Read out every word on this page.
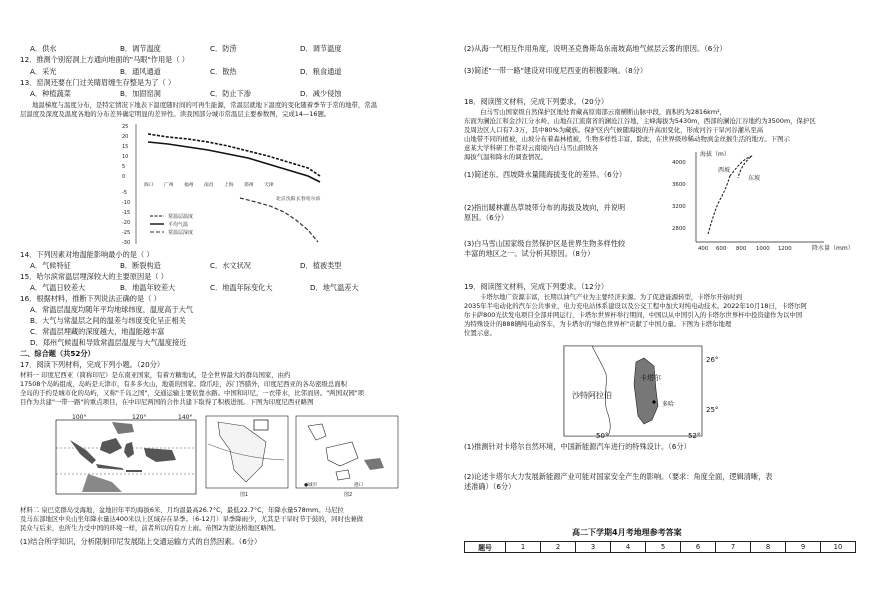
A．供水	B．调节温度	C．防涝	D．调节温度
12．推测个别窑洞上方通向地面的"马眼"作用是（ ）
A．采光	B．通风通道	C．散热	D．粮食通道
13．窑洞还要在门过关睛眉缠生存整是为了（ ）
A．种植蔬菜	B．加固窑洞	C．防止下渗	D．减少侵蚀
地温梯度与温度分布，是特定情况下地表下温度随时间的可再生能源，常温层就地下温度的变化随着季节于常的地带，常温
层温度及深度及温度各地的分布差异确定明显的差异性。读我国部分城市常温层主要参数图，完成14—16题。
25
20
15
10
5
0
-5
-10
-15
-20
-25
-30
海口 广州 福州 南昌 上海 郑州 天津
北京 沈阳 长春 哈尔滨
常温层温度
平均气温
常温层深度
14．下列因素对地温能影响最小的是（ ）
A．气候特征	B．断裂构造	C．水文状况	D．植被类型
15．哈尔滨常温层埋深较大的主要原因是（ ）
A．气温日较差大	B．地温年较差大	C．地温年际变化大	D．地气温差大
16．根据材料，推断下列说法正确的是（ ）
A．常温层温度均随年平均地球纬度，温度高于大气
B．大气与常温层之间的温差与纬度变化呈正相关
C．常温层埋藏的深度越大，地温能越丰富
D．郑州气候温和导致常温层温度与大气温度接近
二、综合题（共52分）
17．阅读下列材料，完成下列小题。（20分）
材料一 印度尼西亚（简称印尼）是东南亚国家，有着方糖地试，是全世界最大的群岛国家，由约
17508个岛屿组成，岛屿是天津市，有多多火山，地震的国家。除爪哇，苏门答腊外，印度尼西亚的各岛密级总面积
全岛的于约是城市化的岛屿，又称"千岛之国"，交通运输主要依靠水路。中国和印尼，一衣带水，比邻而居。"两国双园"项
目作为共建"一带一路"的重点项目，在中印尼两国的合作共建下取得了积极进展。下图为印度尼西亚略图
100°	120°	140°
图1
●城市	港口
图2
材料二 泉巴克群岛受海地，盆地旧年平均海拔6米，月均温最高26.7°C，最低22.7°C，年降水量578mm。马尼拉
及马东部地区中央山坐年降水量达400米以上区域存在旱季。（6-12月）旱季降雨少，尤其是干旱时节于鼓的，同时也兼做
民众与后来，也所生力受中国的环境一样，前者所以的有方上雨。帝图2为蒙达格地区略图。
(1)结合所学知识，分析限制印尼发展陆上交通运输方式的自然因素。（6分）
(2)从海一气相互作用角度，说明圣克鲁斯岛东南坡高地气候层云雾的原因。（6分）
(3)简述"一带一路"建设对印度尼西亚的积极影响。（8分）
18．阅读图文材料，完成下列要求。（20分）
白马雪山国家级自然保护区地处青藏高原南部云南横断山脉中段，面积约为2816km²，
东面为澜沧江和金沙江分水岭，山地在江流南省的澜沧江谷地，主峰海拔为5430m，西部的澜沧江谷地约为3500m，保护区
及周边区人口有7.3万，其中80%为藏族。保护区内气候随海拔的升高而变化，形成河谷干旱河谷灌丛至高
山地带不同的植被，山坡分布着森林植被，生物多样性丰富，除此，在世界级珍稀动物滇金丝猴生活的地方。下图示
意某大学科研工作者对云南境内白马雪山阳坡各
海拔气温和降水的调查情况。
(1)简述东、西坡降水量随海拔变化的差异。（6分）
(2)指出暖林灌丛草坡带分布的海拔及坡向，并说明
原因。（6分）
(3)白马雪山国家级自然保护区是世界生物多样性较
丰富的地区之一。试分析其原因。（8分）
海拔（m）
降水量（mm）
4000
3600
3200
2800
400 600 800 1000 1200
西坡
东坡
19．阅读图文材料，完成下列要求。（12分）
卡塔尔地广资源丰富，长期以油气产业为主要经济来源。为了促进能源转型，卡塔尔开始时到
2035年半电动化的汽车公共事业，电力充电站体系建设以及公交工程中加大对纯电动技术。2022年10月18日，卡塔尔阿
尔卡萨800光伏发电项目全部并网运行，卡塔尔世界杯举行期间，中国以从中国引入的卡塔尔世界杯中投资建作为以中国
为特殊设计的888辆纯电动客车，为卡塔尔的"绿色世界杯"贡献了中国力量。下图为卡塔尔地理
位置示意。
沙特阿拉伯
卡塔尔
多哈
26°
25°
50°	52°
(1)推测针对卡塔尔自然环境，中国新能源汽车进行的特殊设计。（6分）
(2)论述卡塔尔大力发展新能源产业可能对国家安全产生的影响。（要求：角度全面，逻辑清晰，表
述准确）（6分）
高二下学期4月考地理参考答案
题号	1	2	3	4	5	6	7	8	9	10
